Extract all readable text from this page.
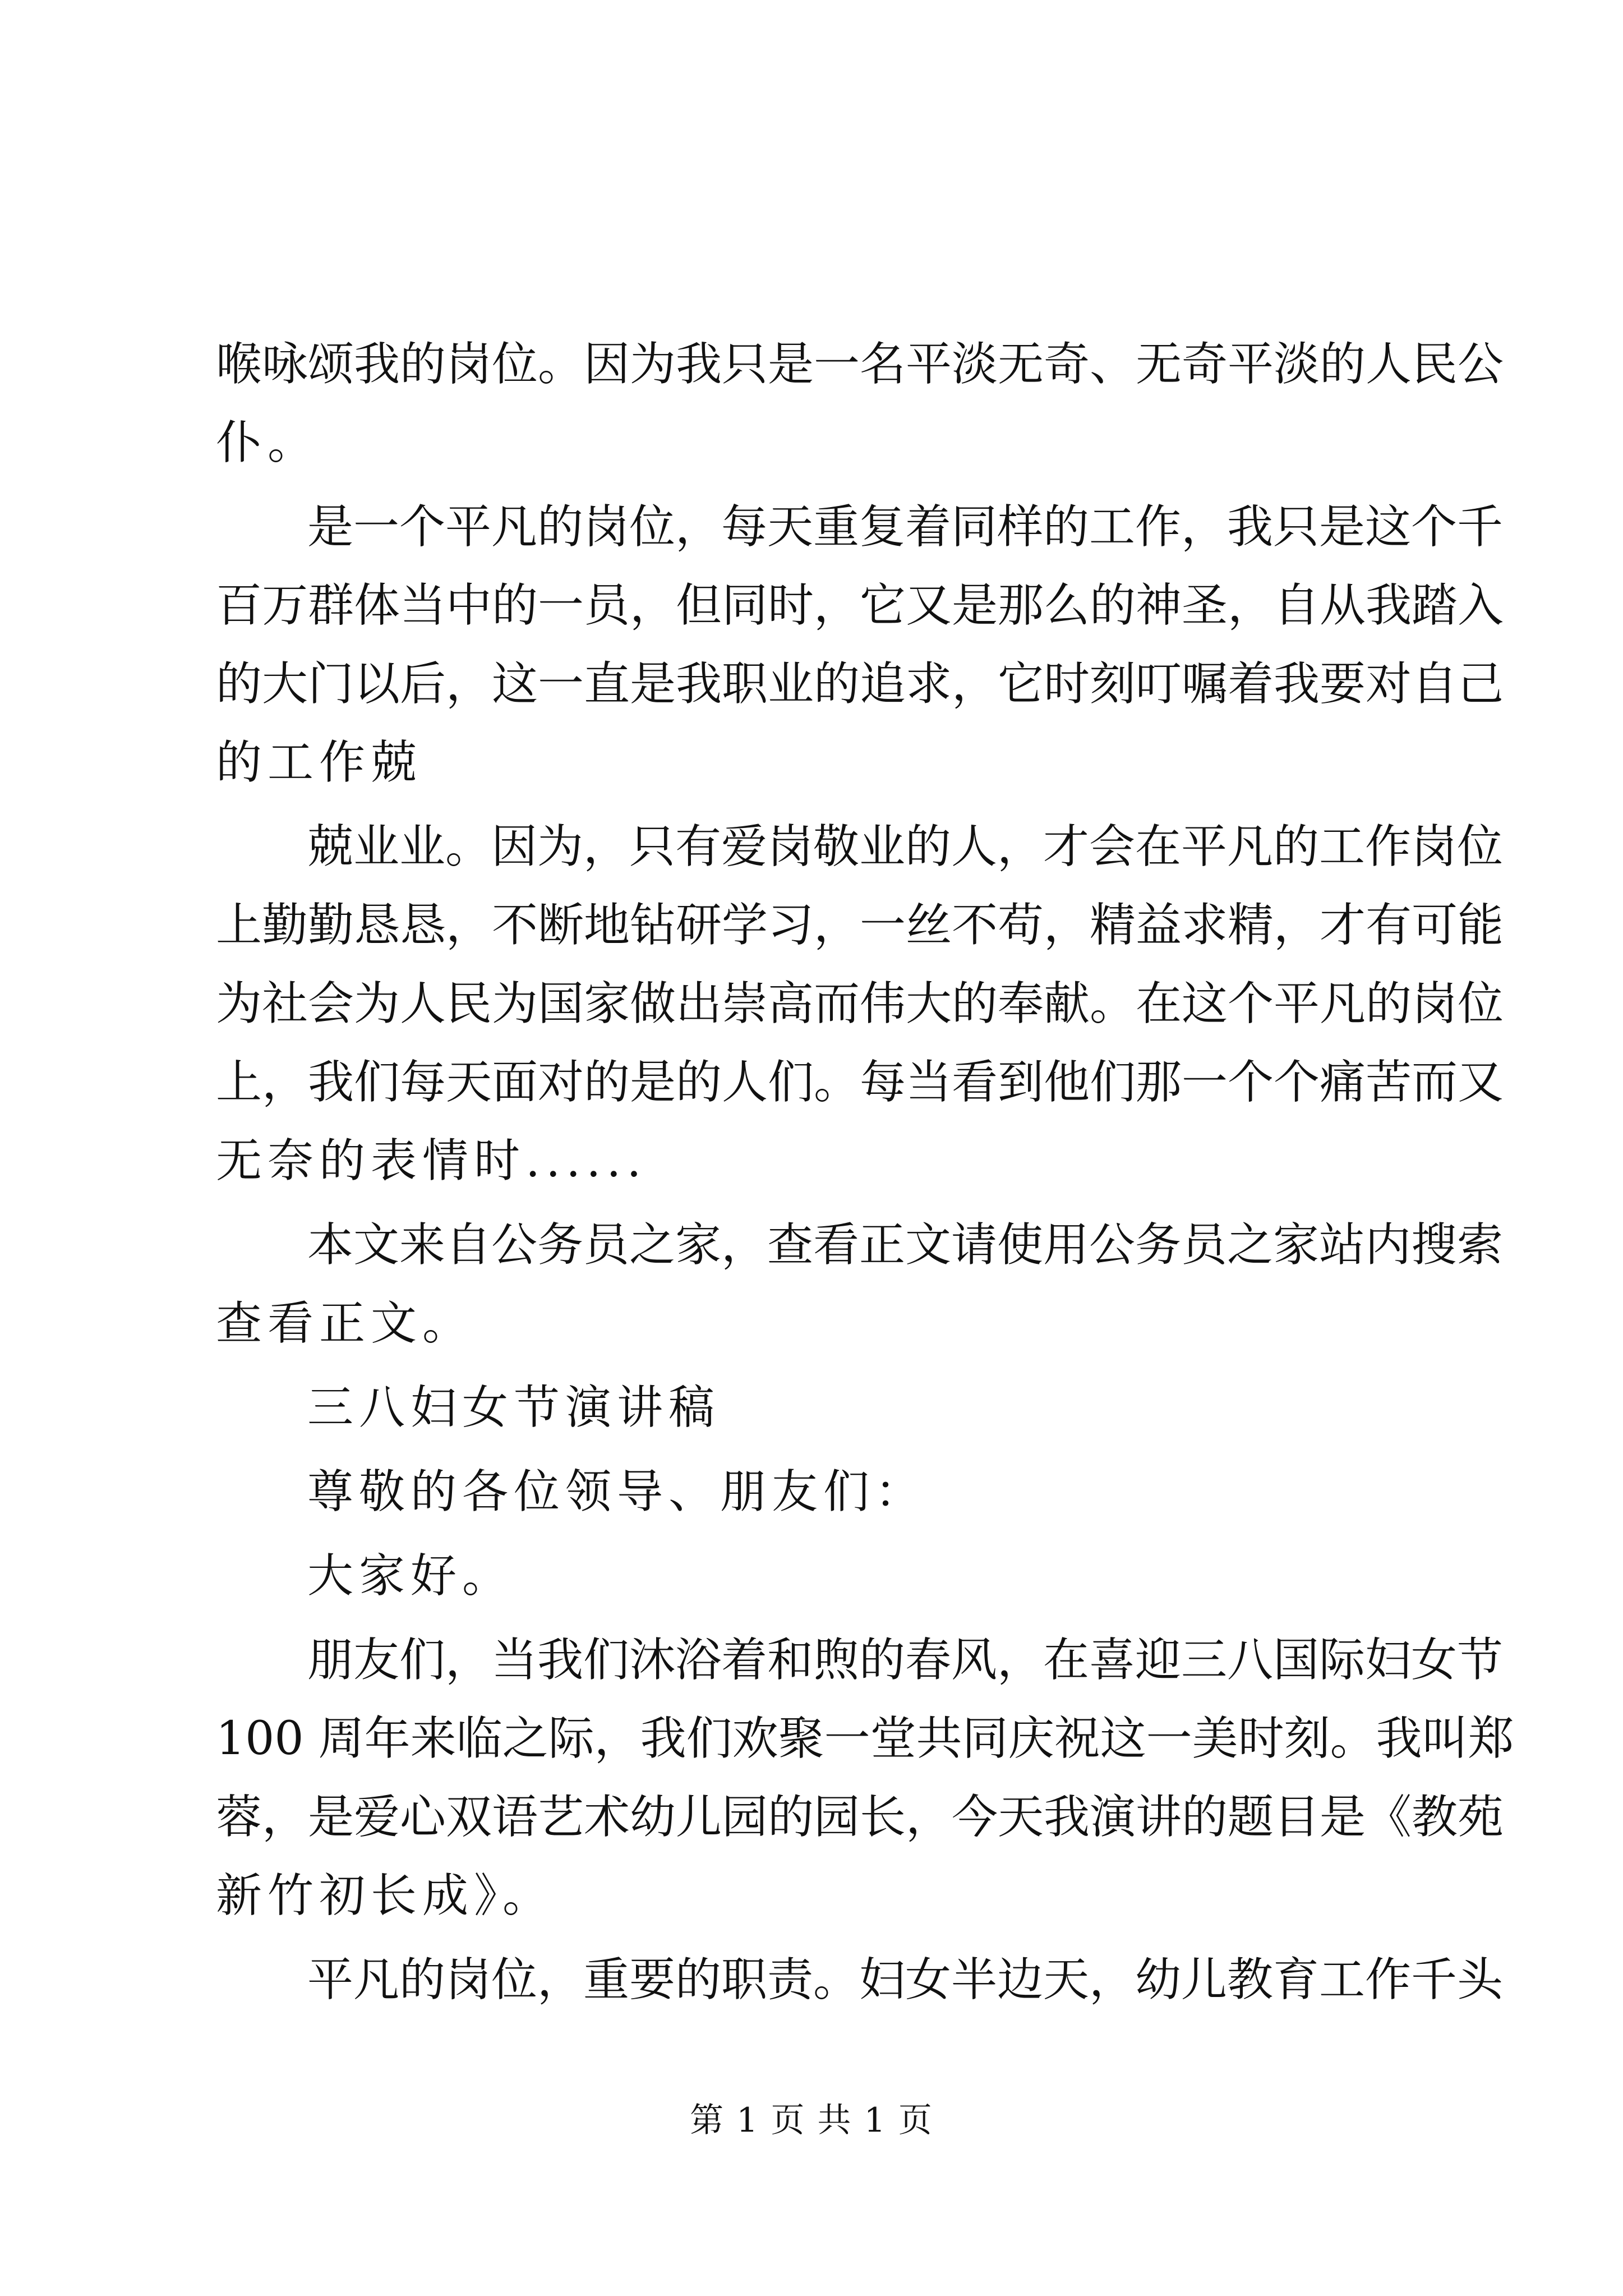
喉咏颂我的岗位。因为我只是一名平淡无奇、无奇平淡的人民公
仆。
是一个平凡的岗位，每天重复着同样的工作，我只是这个千
百万群体当中的一员，但同时，它又是那么的神圣，自从我踏入
的大门以后，这一直是我职业的追求，它时刻叮嘱着我要对自己
的工作兢
兢业业。因为，只有爱岗敬业的人，才会在平凡的工作岗位
上勤勤恳恳，不断地钻研学习，一丝不苟，精益求精，才有可能
为社会为人民为国家做出崇高而伟大的奉献。在这个平凡的岗位
上，我们每天面对的是的人们。每当看到他们那一个个痛苦而又
无奈的表情时......
本文来自公务员之家，查看正文请使用公务员之家站内搜索
查看正文。
三八妇女节演讲稿
尊敬的各位领导、朋友们：
大家好。
朋友们，当我们沐浴着和煦的春风，在喜迎三八国际妇女节
100 周年来临之际，我们欢聚一堂共同庆祝这一美时刻。我叫郑
蓉，是爱心双语艺术幼儿园的园长，今天我演讲的题目是《教苑
新竹初长成》。
平凡的岗位，重要的职责。妇女半边天，幼儿教育工作千头
第 1 页 共 1 页
